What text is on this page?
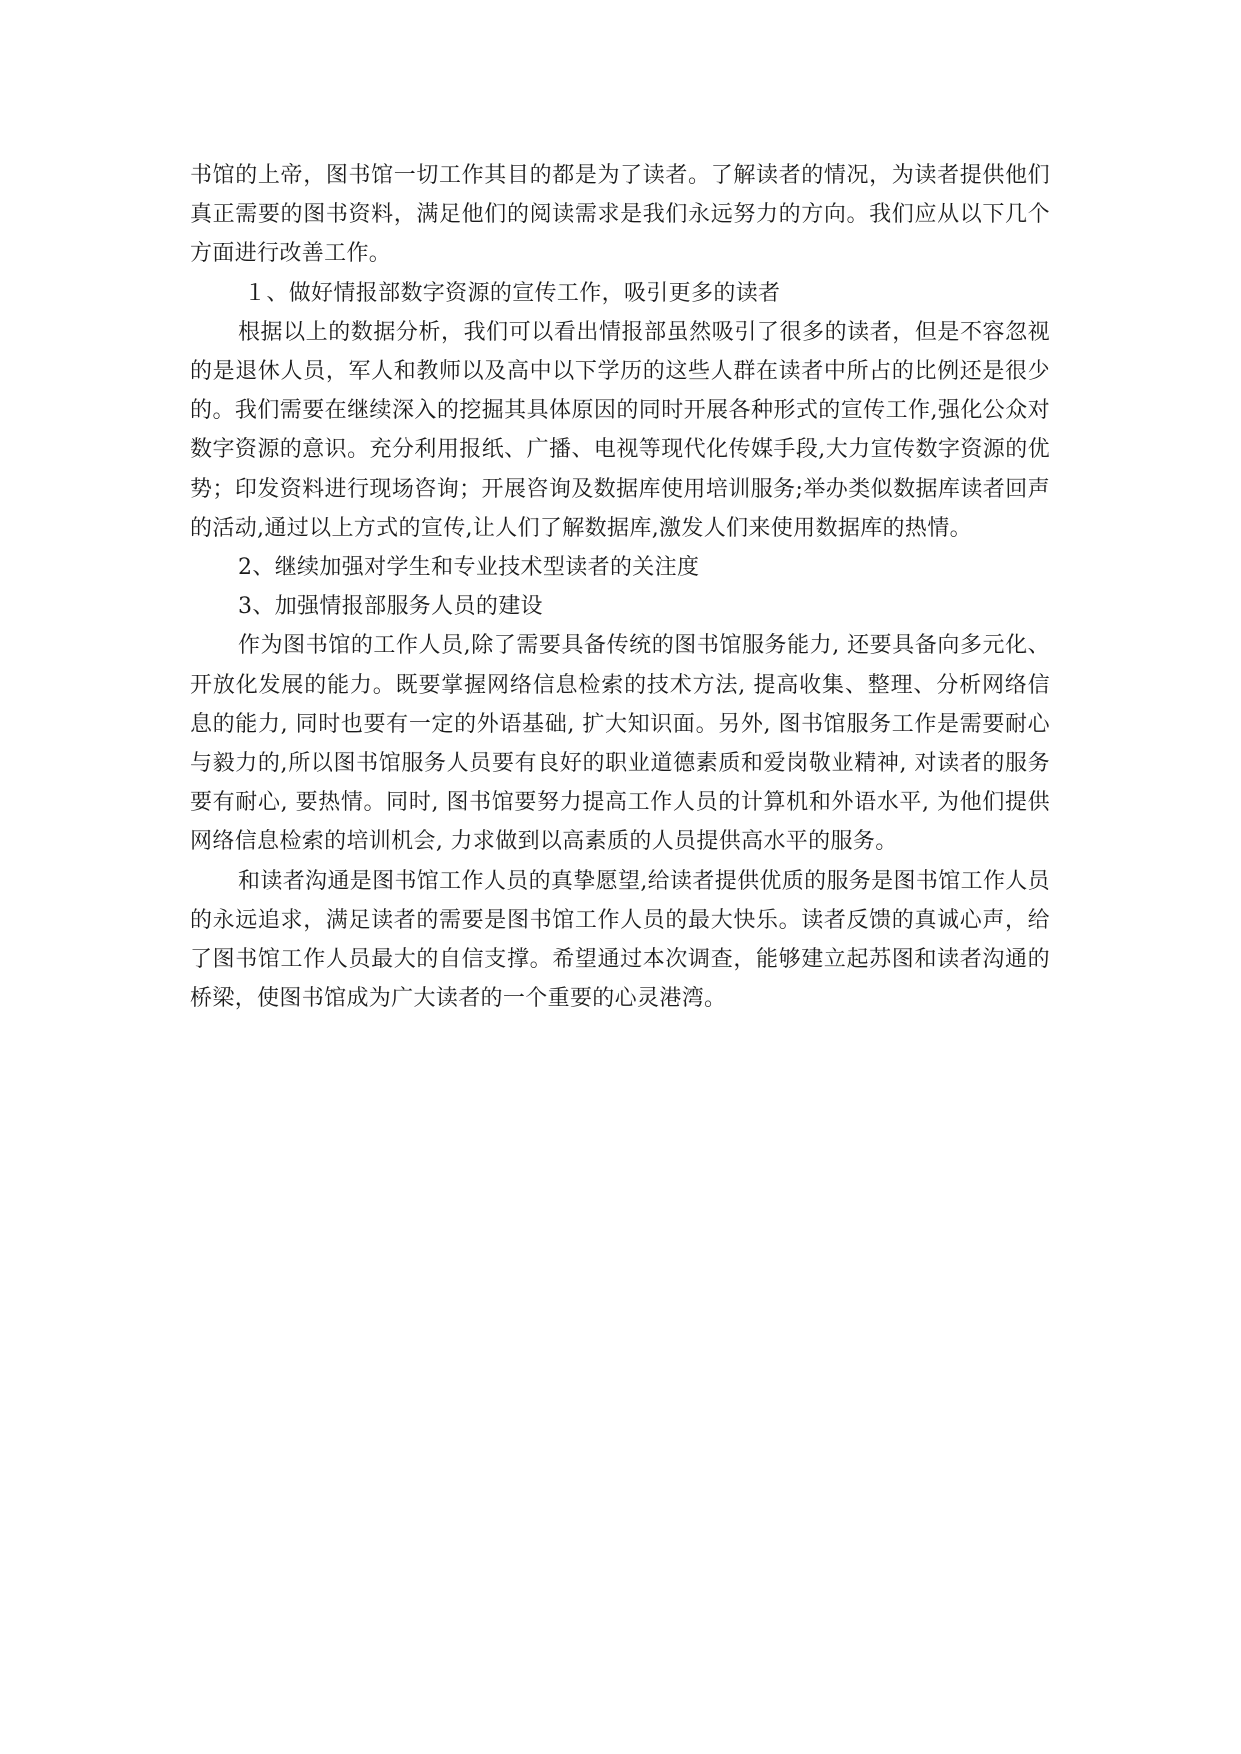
书馆的上帝，图书馆一切工作其目的都是为了读者。了解读者的情况，为读者提供他们真正需要的图书资料，满足他们的阅读需求是我们永远努力的方向。我们应从以下几个方面进行改善工作。

１、做好情报部数字资源的宣传工作，吸引更多的读者

根据以上的数据分析，我们可以看出情报部虽然吸引了很多的读者，但是不容忽视的是退休人员，军人和教师以及高中以下学历的这些人群在读者中所占的比例还是很少的。我们需要在继续深入的挖掘其具体原因的同时开展各种形式的宣传工作,强化公众对数字资源的意识。充分利用报纸、广播、电视等现代化传媒手段,大力宣传数字资源的优势；印发资料进行现场咨询；开展咨询及数据库使用培训服务;举办类似数据库读者回声的活动,通过以上方式的宣传,让人们了解数据库,激发人们来使用数据库的热情。

2、继续加强对学生和专业技术型读者的关注度

3、加强情报部服务人员的建设

作为图书馆的工作人员,除了需要具备传统的图书馆服务能力, 还要具备向多元化、开放化发展的能力。既要掌握网络信息检索的技术方法, 提高收集、整理、分析网络信息的能力, 同时也要有一定的外语基础, 扩大知识面。另外, 图书馆服务工作是需要耐心与毅力的,所以图书馆服务人员要有良好的职业道德素质和爱岗敬业精神, 对读者的服务要有耐心, 要热情。同时, 图书馆要努力提高工作人员的计算机和外语水平, 为他们提供网络信息检索的培训机会, 力求做到以高素质的人员提供高水平的服务。

和读者沟通是图书馆工作人员的真挚愿望,给读者提供优质的服务是图书馆工作人员的永远追求，满足读者的需要是图书馆工作人员的最大快乐。读者反馈的真诚心声，给了图书馆工作人员最大的自信支撑。希望通过本次调查，能够建立起苏图和读者沟通的桥梁，使图书馆成为广大读者的一个重要的心灵港湾。
